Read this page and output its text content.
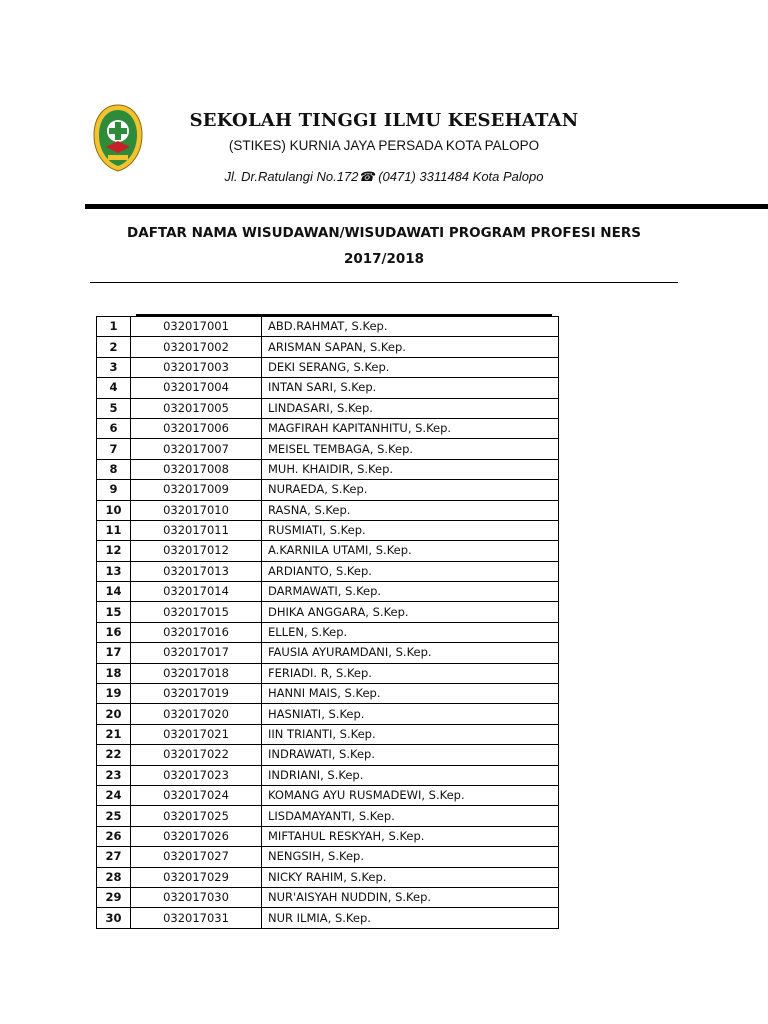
SEKOLAH TINGGI ILMU KESEHATAN
(STIKES) KURNIA JAYA PERSADA KOTA PALOPO
Jl. Dr.Ratulangi No.172☎ (0471) 3311484 Kota Palopo
DAFTAR NAMA WISUDAWAN/WISUDAWATI PROGRAM PROFESI NERS
2017/2018
1	032017001	ABD.RAHMAT, S.Kep.
2	032017002	ARISMAN SAPAN, S.Kep.
3	032017003	DEKI SERANG, S.Kep.
4	032017004	INTAN SARI, S.Kep.
5	032017005	LINDASARI, S.Kep.
6	032017006	MAGFIRAH KAPITANHITU, S.Kep.
7	032017007	MEISEL TEMBAGA, S.Kep.
8	032017008	MUH. KHAIDIR, S.Kep.
9	032017009	NURAEDA, S.Kep.
10	032017010	RASNA, S.Kep.
11	032017011	RUSMIATI, S.Kep.
12	032017012	A.KARNILA UTAMI, S.Kep.
13	032017013	ARDIANTO, S.Kep.
14	032017014	DARMAWATI, S.Kep.
15	032017015	DHIKA ANGGARA, S.Kep.
16	032017016	ELLEN, S.Kep.
17	032017017	FAUSIA AYURAMDANI, S.Kep.
18	032017018	FERIADI. R, S.Kep.
19	032017019	HANNI MAIS, S.Kep.
20	032017020	HASNIATI, S.Kep.
21	032017021	IIN TRIANTI, S.Kep.
22	032017022	INDRAWATI, S.Kep.
23	032017023	INDRIANI, S.Kep.
24	032017024	KOMANG AYU RUSMADEWI, S.Kep.
25	032017025	LISDAMAYANTI, S.Kep.
26	032017026	MIFTAHUL RESKYAH, S.Kep.
27	032017027	NENGSIH, S.Kep.
28	032017029	NICKY RAHIM, S.Kep.
29	032017030	NUR'AISYAH NUDDIN, S.Kep.
30	032017031	NUR ILMIA, S.Kep.
